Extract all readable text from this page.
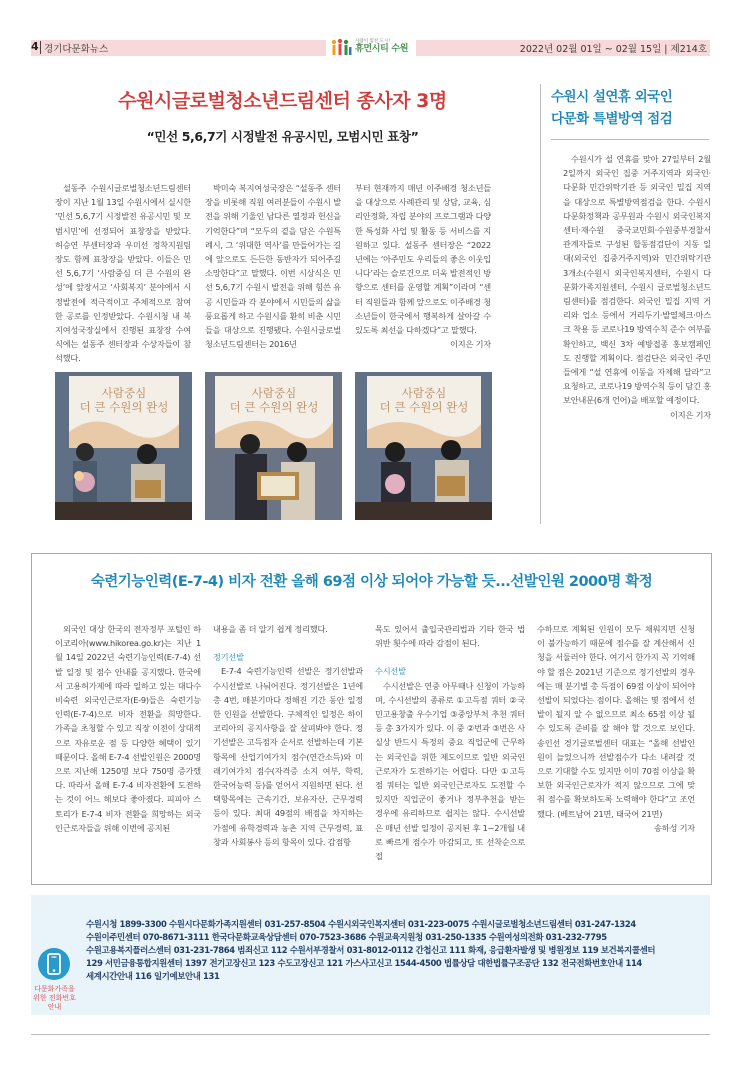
4 경기다문화뉴스
사람이 힘찬 도시!
휴먼시티 수원	2022년 02월 01일 ~ 02월 15일 | 제214호
수원시글로벌청소년드림센터 종사자 3명
“민선 5,6,7기 시정발전 유공시민, 모범시민 표창”
설동주 수원시글로벌청소년드림센터장이 지난 1월 13일 수원시에서 실시한 ‘민선 5,6,7기 시정발전 유공시민 및 모범시민’에 선정되어 표창장을 받았다. 허승연 부센터장과 우미선 정착지원팀장도 함께 표창장을 받았다. 이들은 민선 5,6,7기 ‘사람중심 더 큰 수원의 완성’에 앞장서고 ‘사회복지’ 분야에서 시정발전에 적극적이고 주체적으로 참여한 공로를 인정받았다. 수원시청 내 복지여성국장실에서 진행된 표창장 수여식에는 설동주 센터장과 수상자들이 참석했다.
박미숙 복지여성국장은 “설동주 센터장을 비롯해 직원 여러분들이 수원시 발전을 위해 기울인 남다른 열정과 헌신을 기억한다”며 “모두의 곁을 담은 수원특례시, 그 ‘위대한 역사’를 만들어가는 길에 앞으로도 든든한 동반자가 되어주길 소망한다”고 말했다. 이번 시상식은 민선 5,6,7기 수원시 발전을 위해 힘쓴 유공 시민들과 각 분야에서 시민들의 삶을 풍요롭게 하고 수원시를 환히 비춘 시민들을 대상으로 진행됐다. 수원시글로벌청소년드림센터는 2016년
부터 현재까지 매년 이주배경 청소년들을 대상으로 사례관리 및 상담, 교육, 심리안정화, 자립 분야의 프로그램과 다양한 특성화 사업 및 활동 등 서비스를 지원하고 있다. 설동주 센터장은 “2022년에는 ‘아주민도 우리들의 좋은 이웃입니다’라는 슬로건으로 더욱 발전적인 방향으로 센터를 운영할 계획”이라며 “센터 직원들과 함께 앞으로도 이주배경 청소년들이 한국에서 행복하게 살아갈 수 있도록 최선을 다하겠다”고 말했다.
이지은 기자
사람중심
더 큰 수원의 완성
사람중심
더 큰 수원의 완성
사람중심
더 큰 수원의 완성
수원시 설연휴 외국인
다문화 특별방역 점검
수원시가 설 연휴를 맞아 27일부터 2월 2일까지 외국인 집중 거주지역과 외국인·다문화 민간위탁기관 등 외국인 밀집 지역을 대상으로 특별방역점검을 한다. 수원시 다문화정책과 공무원과 수원시 외국인복지센터·재수원 중국교민회·수원중부경찰서 관계자들로 구성된 합동점검단이 지동 일대(외국인 집중거주지역)와 민간위탁기관 3개소(수원시 외국인복지센터, 수원시 다문화가족지원센터, 수원시 글로벌청소년드림센터)를 점검한다. 외국인 밀집 지역 거리와 업소 등에서 거리두기·발열체크·마스크 착용 등 코로나19 방역수칙 준수 여부를 확인하고, 백신 3차 예방접종 홍보캠페인도 진행할 계획이다. 점검단은 외국인 주민들에게 “설 연휴에 이동을 자제해 달라”고 요청하고, 코로나19 방역수칙 등이 담긴 홍보안내문(6개 언어)을 배포할 예정이다.
이지은 기자
숙련기능인력(E-7-4) 비자 전환 올해 69점 이상 되어야 가능할 듯...선발인원 2000명 확정
외국인 대상 한국의 전자정부 포털인 하이코리아(www.hikorea.go.kr)는 지난 1월 14일 2022년 숙련기능인력(E-7-4) 선발 일정 및 점수 안내를 공지했다. 한국에서 고용허가제에 따라 일하고 있는 대다수 비숙련 외국인근로자(E-9)들은 숙련기능인력(E-7-4)으로 비자 전환을 희망한다. 가족을 초청할 수 있고 직장 이전이 상대적으로 자유로운 점 등 다양한 혜택이 있기 때문이다. 올해 E-7-4 선발인원은 2000명으로 지난해 1250명 보다 750명 증가했다. 따라서 올해 E-7-4 비자전환에 도전하는 것이 어느 해보다 좋아졌다. 피피아 스토리가 E-7-4 비자 전환을 희망하는 외국인근로자들을 위해 이번에 공지된
내용을 좀 더 알기 쉽게 정리했다.
정기선발
E-7-4 숙련기능인력 선발은 정기선발과 수시선발로 나눠어진다. 정기선발은 1년에 총 4번, 매분기마다 정해진 기간 동안 일정한 인원을 선발한다. 구체적인 일정은 하이코리아의 공지사항을 잘 살펴봐야 한다. 정기선발은 고득점자 순서로 선발하는데 기본항목에 산업기여가치 점수(연간소득)와 미래기여가치 점수(자격증 소지 여부, 학력, 한국어능력 등)를 얻어서 지원하면 된다. 선택항목에는 근속기간, 보유자산, 근무경력 등이 있다. 최대 49점의 배점을 차지하는 가점에 유학경력과 농촌 지역 근무경력, 표창과 사회봉사 등의 항목이 있다. 감점항
목도 있어서 출입국관리법과 기타 한국 법 위반 횟수에 따라 감점이 된다.
수시선발
수시선발은 연중 아무때나 신청이 가능하며, 수시선발의 종류로 ①고득점 쿼터 ②국민고용창출 우수기업 ③중앙부처 추천 쿼터 등 총 3가지가 있다. 이 중 ②번과 ③번은 사실상 반드시 특정의 중요 직업군에 근무하는 외국인을 위한 제도이므로 일반 외국인근로자가 도전하기는 어렵다. 다만 ①고득점 쿼터는 일반 외국인근로자도 도전할 수 있지만 직업군이 좋거나 정부추천을 받는 경우에 유리하므로 쉽지는 않다. 수시선발은 매년 선발 일정이 공지된 후 1~2개월 내로 빠르게 점수가 마감되고, 또 선착순으로 접
수하므로 계획된 인원이 모두 채워지면 신청이 불가능하기 때문에 점수를 잘 계산해서 신청을 서둘러야 한다. 여기서 한가지 꼭 기억해야 할 점은 2021년 기준으로 정기선발의 경우에는 매 분기별 총 득점이 69점 이상이 되어야 선발이 되었다는 점이다. 올해는 몇 점에서 선발이 될지 알 수 없으므로 최소 65점 이상 될 수 있도록 준비를 잘 해야 할 것으로 보인다. 송인선 경기글로벌센터 대표는 “올해 선발인원이 늘었으니까 선발점수가 다소 내려갈 것으로 기대할 수도 있지만 이미 70점 이상을 확보한 외국인근로자가 적지 않으므로 그에 맞춰 점수를 확보하도록 노력해야 한다”고 조언했다. (베트남어 21면, 태국어 21면)
송하성 기자
다문화가족을 위한 전화번호 안내
수원시청 1899-3300 수원시다문화가족지원센터 031-257-8504 수원시외국인복지센터 031-223-0075 수원시글로벌청소년드림센터 031-247-1324
수원이주민센터 070-8671-3111 한국다문화교육상담센터 070-7523-3686 수원교육지원청 031-250-1335 수원여성의전화 031-232-7795
수원고용복지플러스센터 031-231-7864 범죄신고 112 수원서부경찰서 031-8012-0112 간첩신고 111 화재, 응급환자발생 및 병원정보 119 보건복지콜센터
129 서민금융통합지원센터 1397 전기고장신고 123 수도고장신고 121 가스사고신고 1544-4500 법률상담 대한법률구조공단 132 전국전화번호안내 114
세계시간안내 116 일기예보안내 131
